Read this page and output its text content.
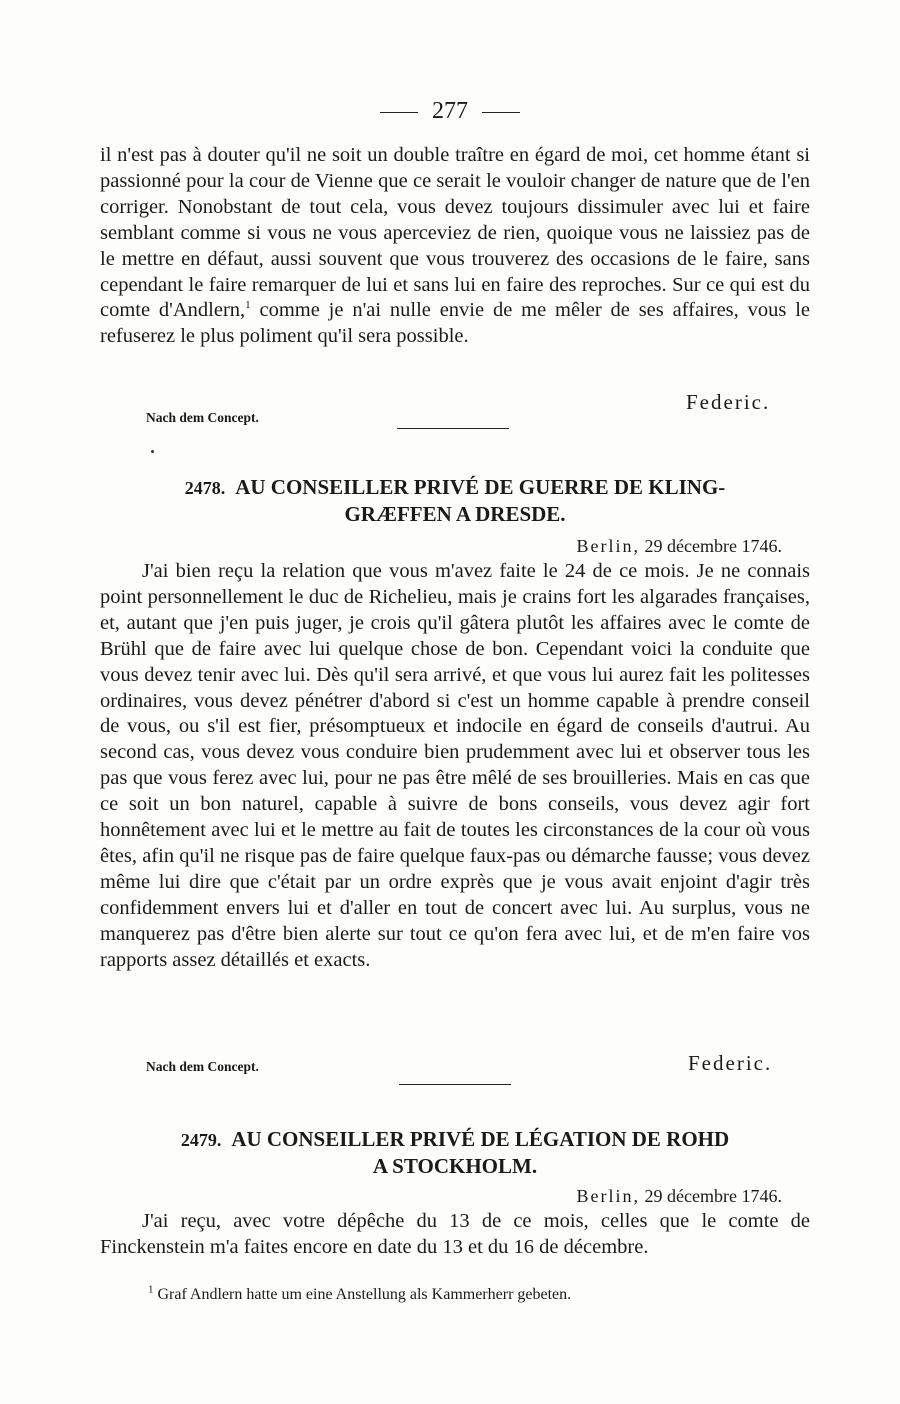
277

il n'est pas à douter qu'il ne soit un double traître en égard de moi, cet homme étant si passionné pour la cour de Vienne que ce serait le vouloir changer de nature que de l'en corriger. Nonobstant de tout cela, vous devez toujours dissimuler avec lui et faire semblant comme si vous ne vous aperceviez de rien, quoique vous ne laissiez pas de le mettre en défaut, aussi souvent que vous trouverez des occasions de le faire, sans cependant le faire remarquer de lui et sans lui en faire des reproches. Sur ce qui est du comte d'Andlern,$^1$ comme je n'ai nulle envie de me mêler de ses affaires, vous le refuserez le plus poliment qu'il sera possible.

Federic.
Nach dem Concept.
2478. AU CONSEILLER PRIVÉ DE GUERRE DE KLING-
GRÆFFEN A DRESDE.
Berlin, 29 décembre 1746.

J'ai bien reçu la relation que vous m'avez faite le 24 de ce mois. Je ne connais point personnellement le duc de Richelieu, mais je crains fort les algarades françaises, et, autant que j'en puis juger, je crois qu'il gâtera plutôt les affaires avec le comte de Brühl que de faire avec lui quelque chose de bon. Cependant voici la conduite que vous devez tenir avec lui. Dès qu'il sera arrivé, et que vous lui aurez fait les politesses ordinaires, vous devez pénétrer d'abord si c'est un homme capable à prendre conseil de vous, ou s'il est fier, présomptueux et indocile en égard de conseils d'autrui. Au second cas, vous devez vous conduire bien prudemment avec lui et observer tous les pas que vous ferez avec lui, pour ne pas être mêlé de ses brouilleries. Mais en cas que ce soit un bon naturel, capable à suivre de bons conseils, vous devez agir fort honnêtement avec lui et le mettre au fait de toutes les circonstances de la cour où vous êtes, afin qu'il ne risque pas de faire quelque faux-pas ou démarche fausse; vous devez même lui dire que c'était par un ordre exprès que je vous avait enjoint d'agir très confidemment envers lui et d'aller en tout de concert avec lui. Au surplus, vous ne manquerez pas d'être bien alerte sur tout ce qu'on fera avec lui, et de m'en faire vos rapports assez détaillés et exacts.

Nach dem Concept.	Federic.
2479. AU CONSEILLER PRIVÉ DE LÉGATION DE ROHD
A STOCKHOLM.
Berlin, 29 décembre 1746.

J'ai reçu, avec votre dépêche du 13 de ce mois, celles que le comte de Finckenstein m'a faites encore en date du 13 et du 16 de décembre.

$^1$ Graf Andlern hatte um eine Anstellung als Kammerherr gebeten.
